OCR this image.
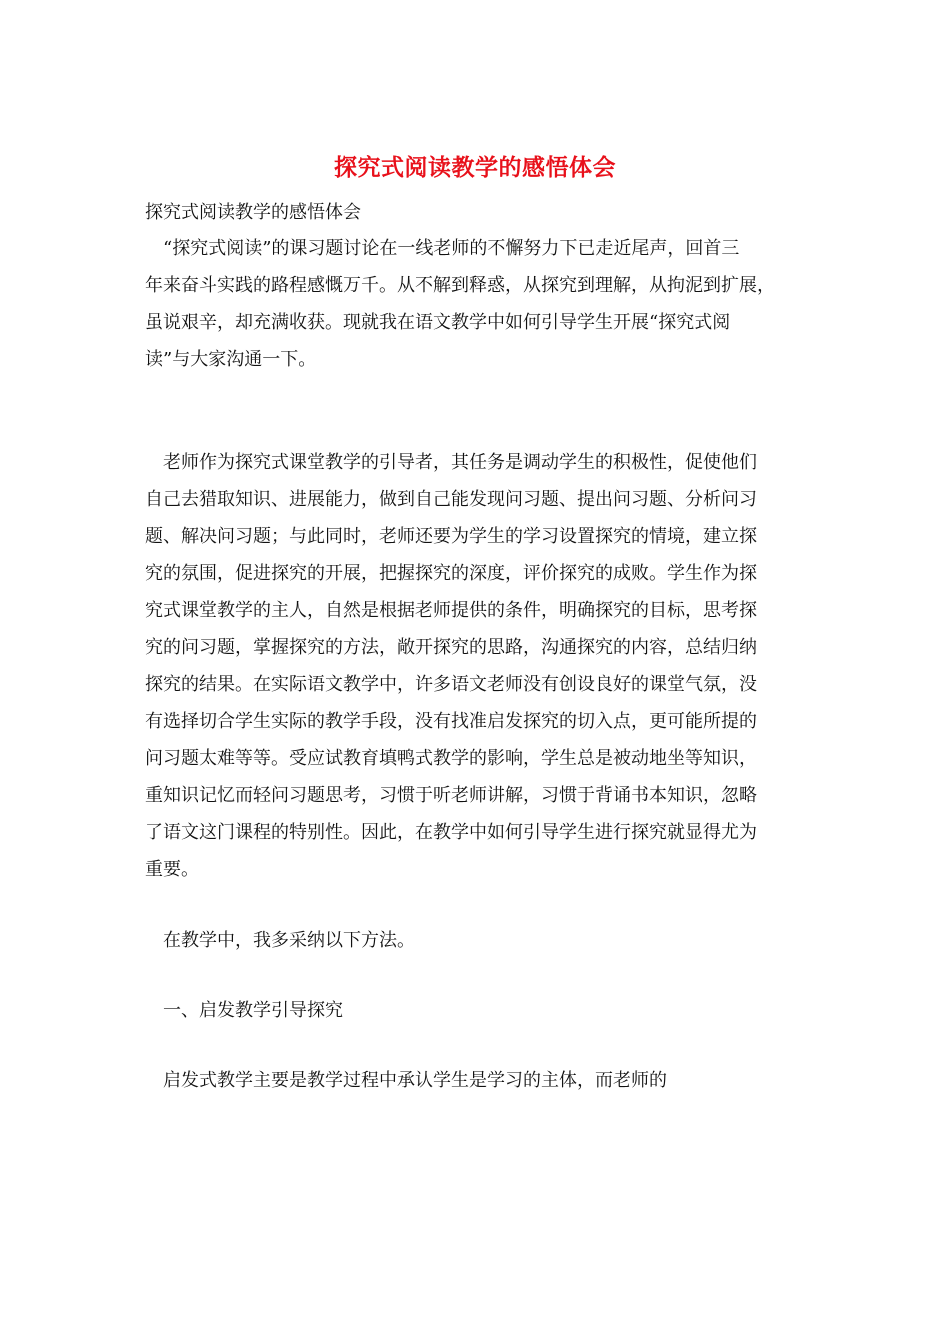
探究式阅读教学的感悟体会
探究式阅读教学的感悟体会
　“探究式阅读”的课习题讨论在一线老师的不懈努力下已走近尾声，回首三
年来奋斗实践的路程感慨万千。从不解到释惑，从探究到理解，从拘泥到扩展，
虽说艰辛，却充满收获。现就我在语文教学中如何引导学生开展“探究式阅
读”与大家沟通一下。
　老师作为探究式课堂教学的引导者，其任务是调动学生的积极性，促使他们
自己去猎取知识、进展能力，做到自己能发现问习题、提出问习题、分析问习
题、解决问习题；与此同时，老师还要为学生的学习设置探究的情境，建立探
究的氛围，促进探究的开展，把握探究的深度，评价探究的成败。学生作为探
究式课堂教学的主人，自然是根据老师提供的条件，明确探究的目标，思考探
究的问习题，掌握探究的方法，敞开探究的思路，沟通探究的内容，总结归纳
探究的结果。在实际语文教学中，许多语文老师没有创设良好的课堂气氛，没
有选择切合学生实际的教学手段，没有找准启发探究的切入点，更可能所提的
问习题太难等等。受应试教育填鸭式教学的影响，学生总是被动地坐等知识，
重知识记忆而轻问习题思考，习惯于听老师讲解，习惯于背诵书本知识，忽略
了语文这门课程的特别性。因此，在教学中如何引导学生进行探究就显得尤为
重要。
　在教学中，我多采纳以下方法。
　一、启发教学引导探究
　启发式教学主要是教学过程中承认学生是学习的主体，而老师的
